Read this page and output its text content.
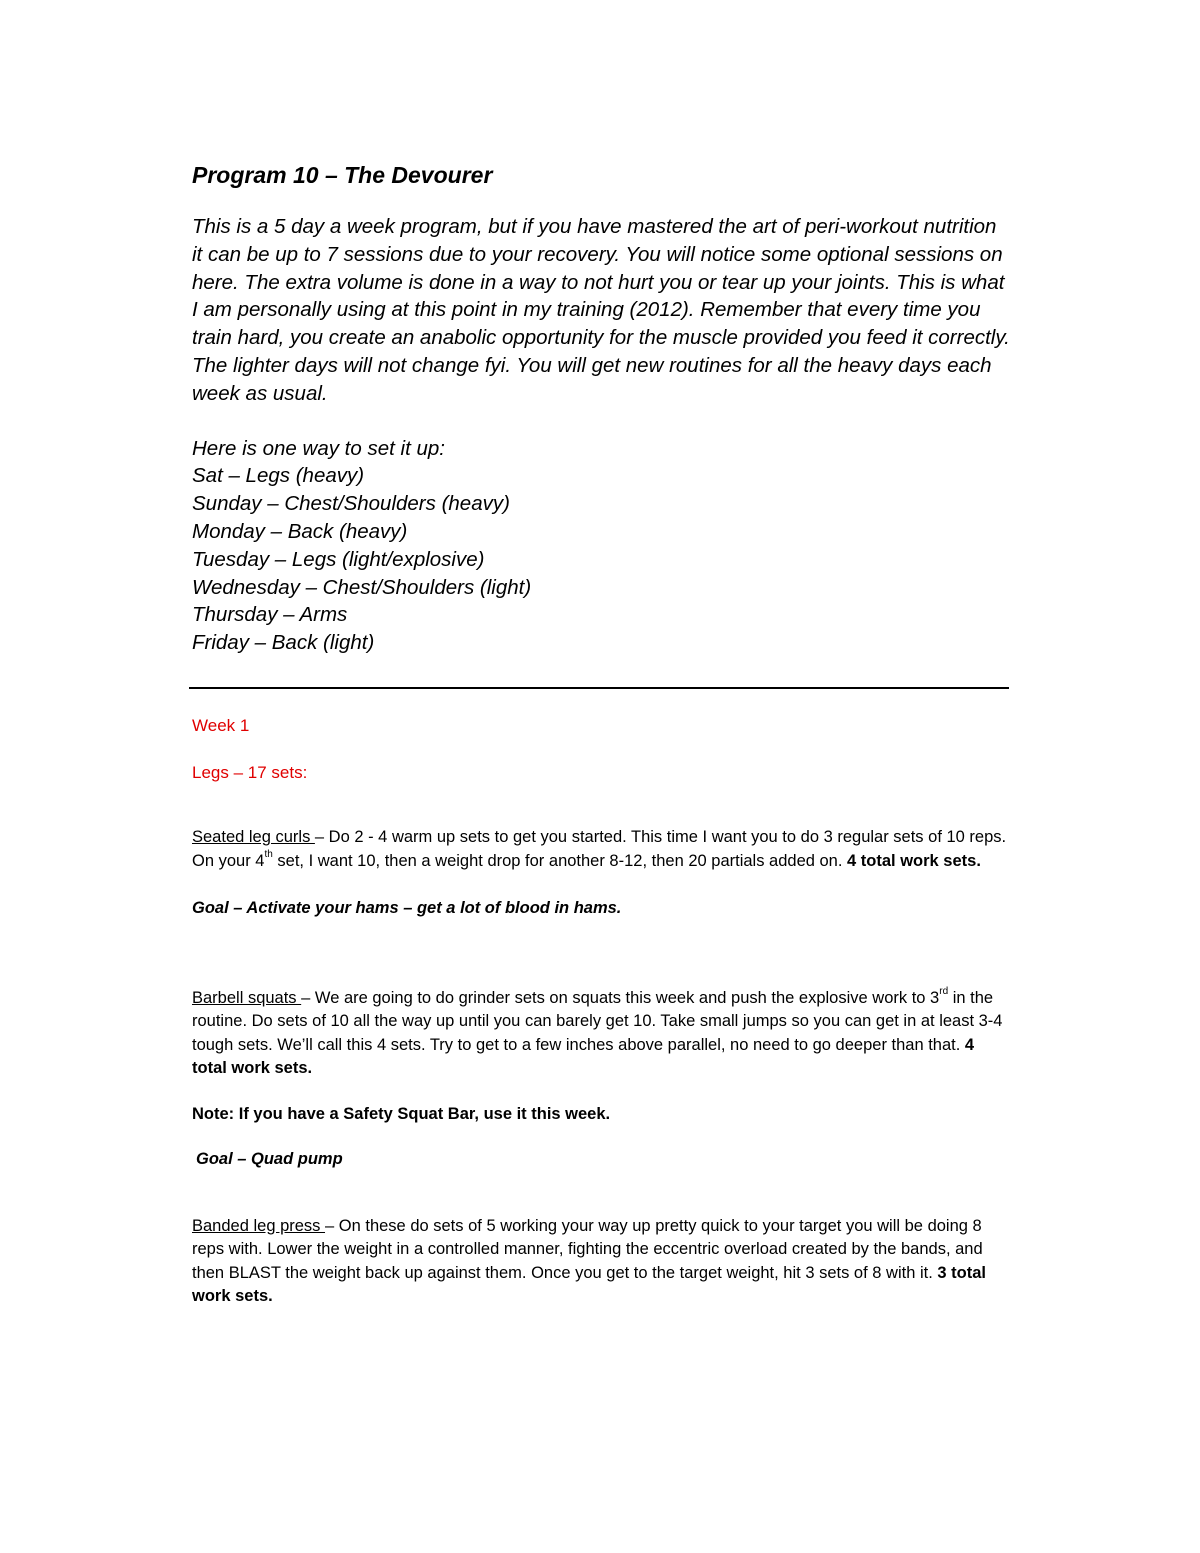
Program 10 – The Devourer

This is a 5 day a week program, but if you have mastered the art of peri-workout nutrition it can be up to 7 sessions due to your recovery. You will notice some optional sessions on here. The extra volume is done in a way to not hurt you or tear up your joints. This is what I am personally using at this point in my training (2012). Remember that every time you train hard, you create an anabolic opportunity for the muscle provided you feed it correctly. The lighter days will not change fyi. You will get new routines for all the heavy days each week as usual.

Here is one way to set it up:

Sat – Legs (heavy)
Sunday – Chest/Shoulders (heavy)
Monday – Back (heavy)
Tuesday – Legs (light/explosive)
Wednesday – Chest/Shoulders (light)
Thursday – Arms
Friday – Back (light)

Week 1

Legs – 17 sets:

Seated leg curls – Do 2 - 4 warm up sets to get you started. This time I want you to do 3 regular sets of 10 reps. On your 4th set, I want 10, then a weight drop for another 8-12, then 20 partials added on. 4 total work sets.

Goal – Activate your hams – get a lot of blood in hams.

Barbell squats – We are going to do grinder sets on squats this week and push the explosive work to 3rd in the routine. Do sets of 10 all the way up until you can barely get 10. Take small jumps so you can get in at least 3-4 tough sets. We’ll call this 4 sets. Try to get to a few inches above parallel, no need to go deeper than that. 4 total work sets.

Note: If you have a Safety Squat Bar, use it this week.

Goal – Quad pump

Banded leg press – On these do sets of 5 working your way up pretty quick to your target you will be doing 8 reps with. Lower the weight in a controlled manner, fighting the eccentric overload created by the bands, and then BLAST the weight back up against them. Once you get to the target weight, hit 3 sets of 8 with it. 3 total work sets.
